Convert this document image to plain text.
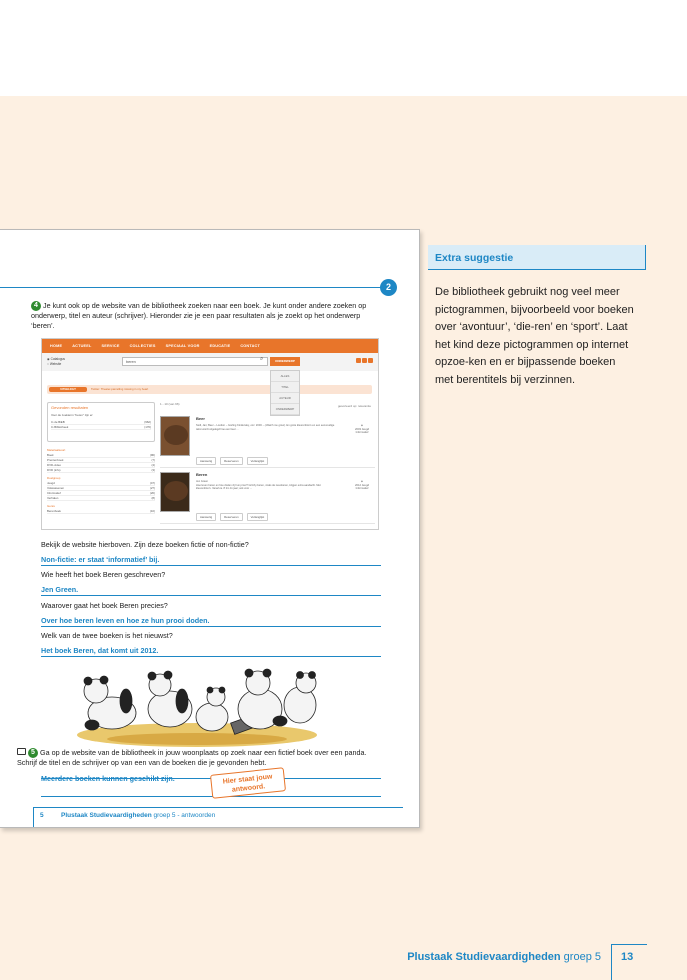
2
4 Je kunt ook op de website van de bibliotheek zoeken naar een boek. Je kunt onder andere zoeken op onderwerp, titel en auteur (schrijver). Hieronder zie je een paar resultaten als je zoekt op het onderwerp ‘beren’.
HOME	ACTUEEL	SERVICE	COLLECTIES	SPECIAAL VOOR	EDUCATIE	CONTACT
◉ Catalogus
○ Website	beren	⌕	ONDERWERP
ALLES
TITEL
AUTEUR
ONDERWERP
UITGELICHT	Twitter: Theater-parcelling missing in my heart
Gevonden resultaten
Voor de zoekterm "beren" zijn er:
In de BiEB	(962)
In Bibliotheek	(176)
Materiaalsoort
Boek	(96)
Prentenboek	(7)
DVD-video	(4)
DVD (info)	(3)
Doelgroep
Jeugd	(47)
Volwassenen	(27)
Informatief	(20)
Verhalen	(8)
Genre
Berenboek	(10)
1 - 10 (van 96)	gesorteerd op: relevantie
Beer
Stoll, Jan; Beer – London – Gorling Kindersley, ocz. 2003. – (Watch me grow). En grote kleurenfoto's en een eenvoudige tekst wordt uitgelegd hoe een beer ...
◈
2003 Jeugd Informatief
Aanwezig	Reserveren	Verlanglijst
Beren
Jen Green
Hoe leven beren en hoe doden zij hun prooi? Grizzly-beren, zoals de neusberen, krijgen extra aandacht. Met kleurenfoto's. Vanaf ca. 8 t/m 11 jaar; ook voor ...
◈
2012 Jeugd Informatief
Aanwezig	Reserveren	Verlanglijst
Bekijk de website hierboven. Zijn deze boeken fictie of non-fictie?
Non-fictie: er staat ‘informatief’ bij.
Wie heeft het boek Beren geschreven?
Jen Green.
Waarover gaat het boek Beren precies?
Over hoe beren leven en hoe ze hun prooi doden.
Welk van de twee boeken is het nieuwst?
Het boek Beren, dat komt uit 2012.
5 Ga op de website van de bibliotheek in jouw woonplaats op zoek naar een fictief boek over een panda. Schrijf de titel en de schrijver op van een van de boeken die je gevonden hebt.
Meerdere boeken kunnen geschikt zijn.	Hier staat jouw antwoord.
5	Plustaak Studievaardigheden groep 5 - antwoorden
Extra suggestie
De bibliotheek gebruikt nog veel meer pictogrammen, bijvoorbeeld voor boeken over ‘avontuur’, ‘die-ren’ en ‘sport’. Laat het kind deze pictogrammen op internet opzoe-ken en er bijpassende boeken met berentitels bij verzinnen.
Plustaak Studievaardigheden groep 5 13
